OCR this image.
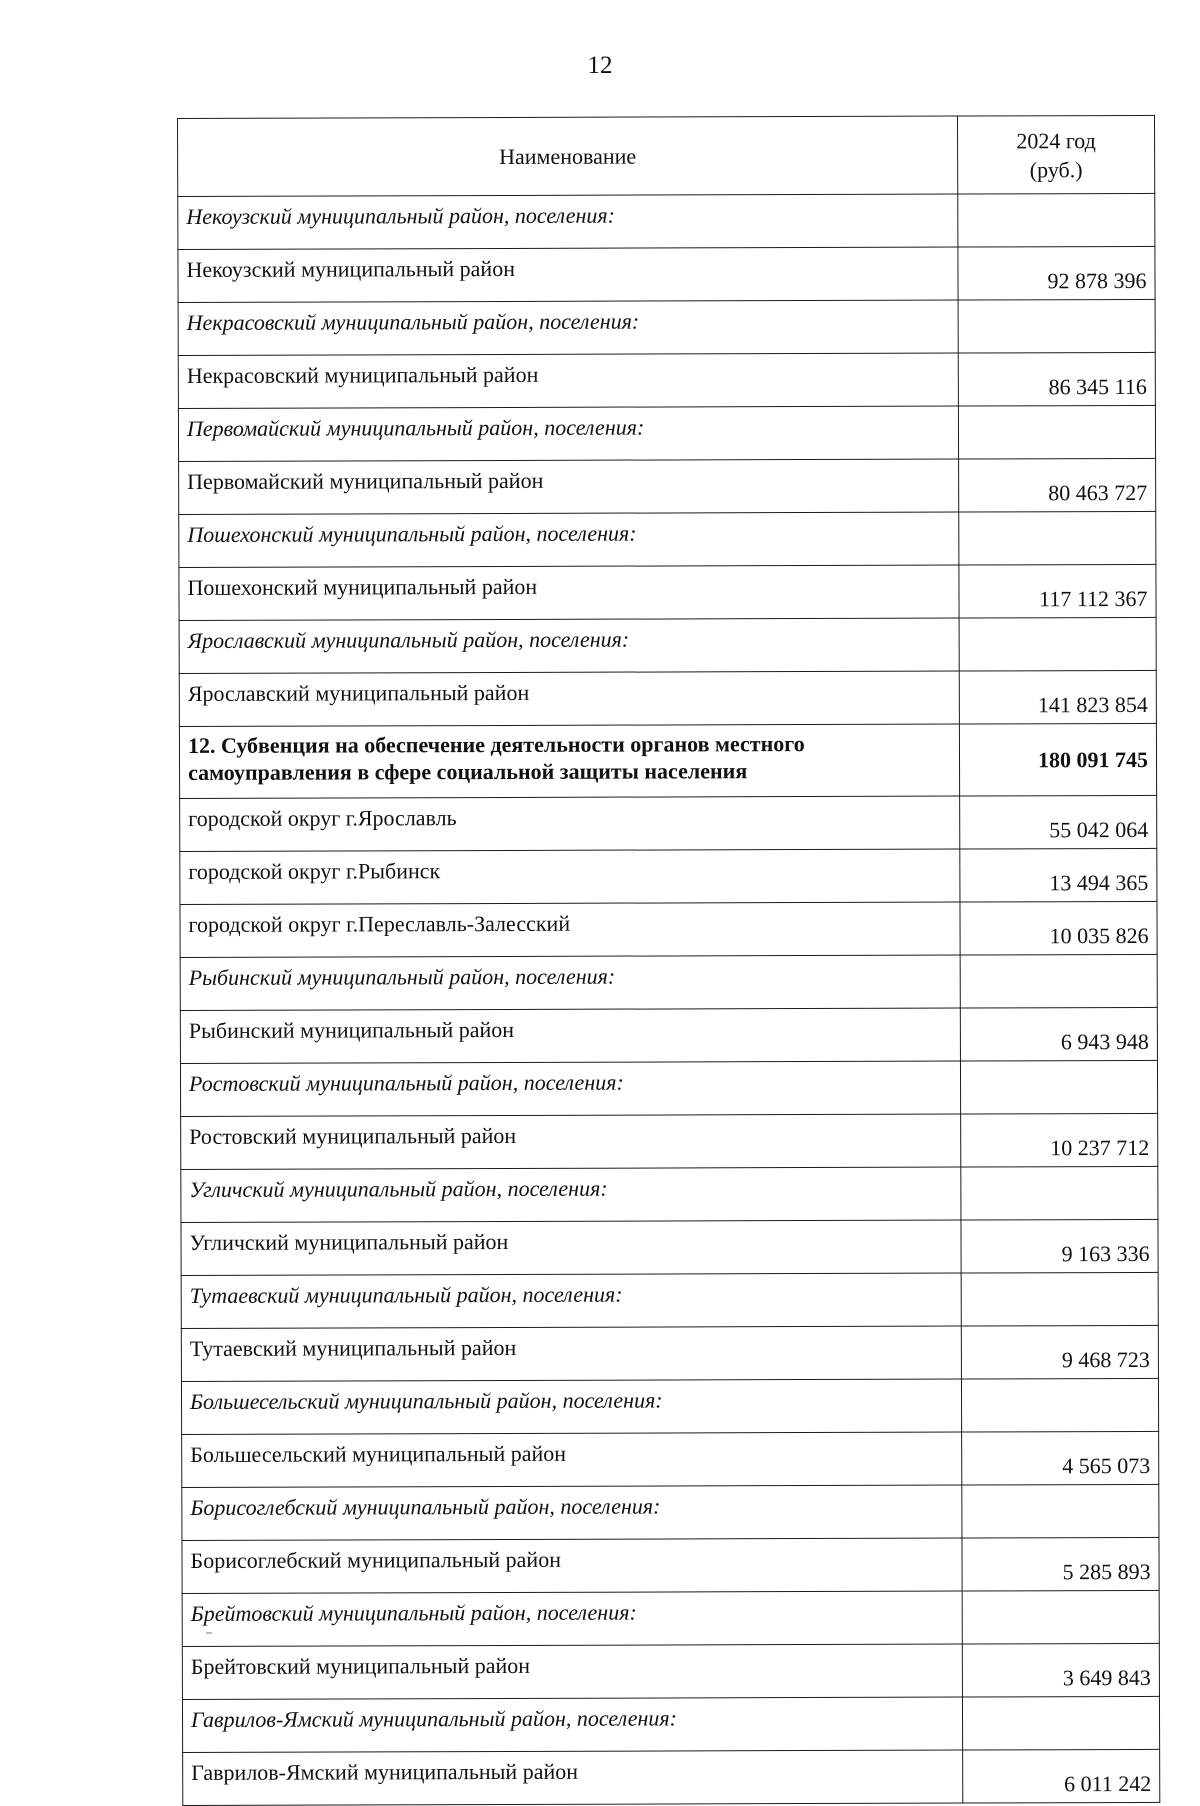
12
Наименование	2024 год
(руб.)
Некоузский муниципальный район, поселения:	
Некоузский муниципальный район	92 878 396
Некрасовский муниципальный район, поселения:	
Некрасовский муниципальный район	86 345 116
Первомайский муниципальный район, поселения:	
Первомайский муниципальный район	80 463 727
Пошехонский муниципальный район, поселения:	
Пошехонский муниципальный район	117 112 367
Ярославский муниципальный район, поселения:	
Ярославский муниципальный район	141 823 854
12. Субвенция на обеспечение деятельности органов местного самоуправления в сфере социальной защиты населения	180 091 745
городской округ г.Ярославль	55 042 064
городской округ г.Рыбинск	13 494 365
городской округ г.Переславль-Залесский	10 035 826
Рыбинский муниципальный район, поселения:	
Рыбинский муниципальный район	6 943 948
Ростовский муниципальный район, поселения:	
Ростовский муниципальный район	10 237 712
Угличский муниципальный район, поселения:	
Угличский муниципальный район	9 163 336
Тутаевский муниципальный район, поселения:	
Тутаевский муниципальный район	9 468 723
Большесельский муниципальный район, поселения:	
Большесельский муниципальный район	4 565 073
Борисоглебский муниципальный район, поселения:	
Борисоглебский муниципальный район	5 285 893
Брейтовский муниципальный район, поселения:	
Брейтовский муниципальный район	3 649 843
Гаврилов-Ямский муниципальный район, поселения:	
Гаврилов-Ямский муниципальный район	6 011 242
